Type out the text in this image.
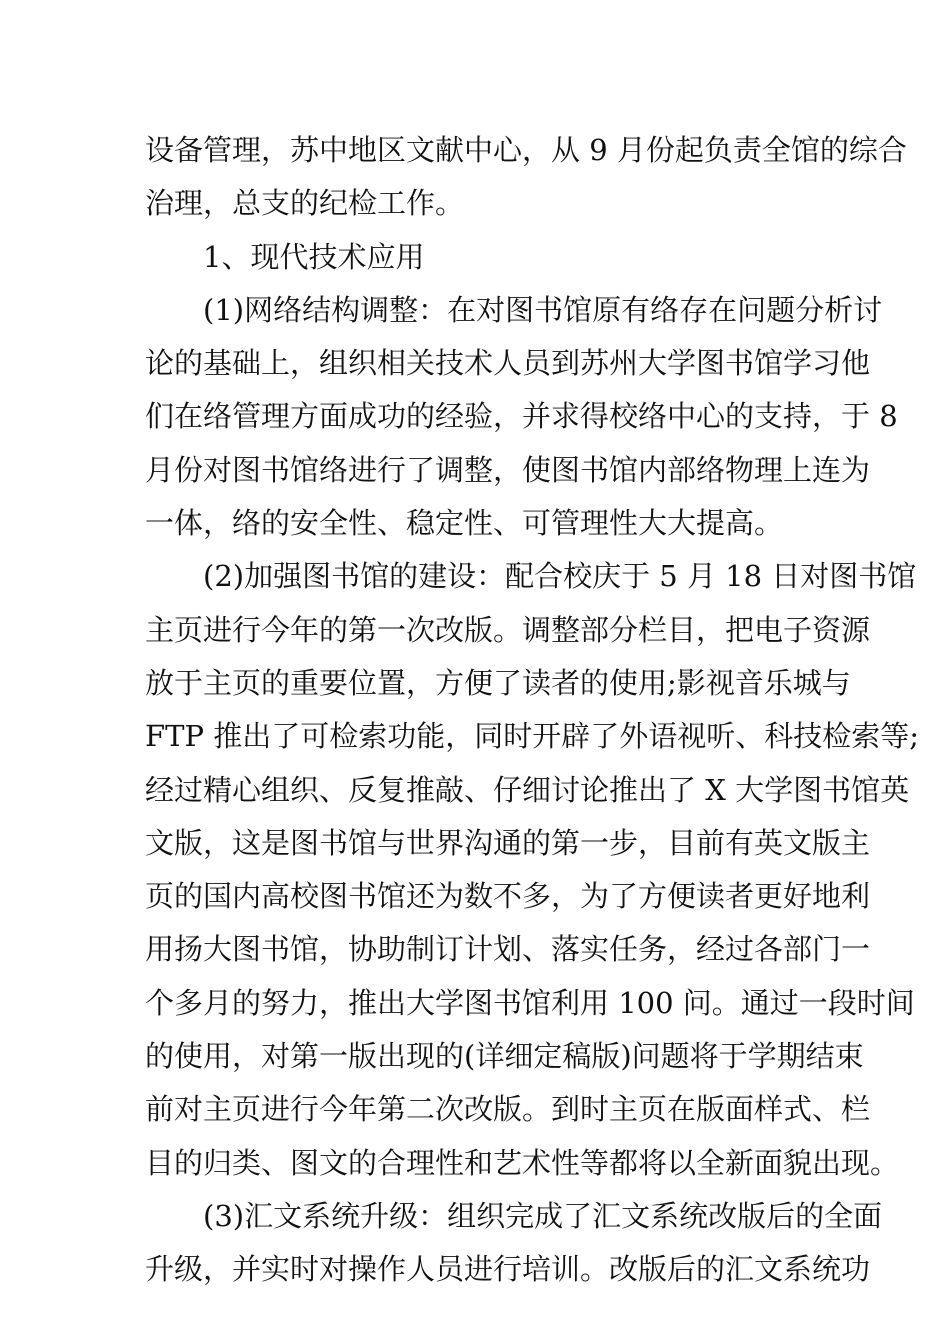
设备管理，苏中地区文献中心，从 9 月份起负责全馆的综合
治理，总支的纪检工作。
1、现代技术应用
(1)网络结构调整：在对图书馆原有络存在问题分析讨
论的基础上，组织相关技术人员到苏州大学图书馆学习他
们在络管理方面成功的经验，并求得校络中心的支持，于 8
月份对图书馆络进行了调整，使图书馆内部络物理上连为
一体，络的安全性、稳定性、可管理性大大提高。
(2)加强图书馆的建设：配合校庆于 5 月 18 日对图书馆
主页进行今年的第一次改版。调整部分栏目，把电子资源
放于主页的重要位置，方便了读者的使用;影视音乐城与
FTP 推出了可检索功能，同时开辟了外语视听、科技检索等;
经过精心组织、反复推敲、仔细讨论推出了 X 大学图书馆英
文版，这是图书馆与世界沟通的第一步，目前有英文版主
页的国内高校图书馆还为数不多，为了方便读者更好地利
用扬大图书馆，协助制订计划、落实任务，经过各部门一
个多月的努力，推出大学图书馆利用 100 问。通过一段时间
的使用，对第一版出现的(详细定稿版)问题将于学期结束
前对主页进行今年第二次改版。到时主页在版面样式、栏
目的归类、图文的合理性和艺术性等都将以全新面貌出现。
(3)汇文系统升级：组织完成了汇文系统改版后的全面
升级，并实时对操作人员进行培训。改版后的汇文系统功
